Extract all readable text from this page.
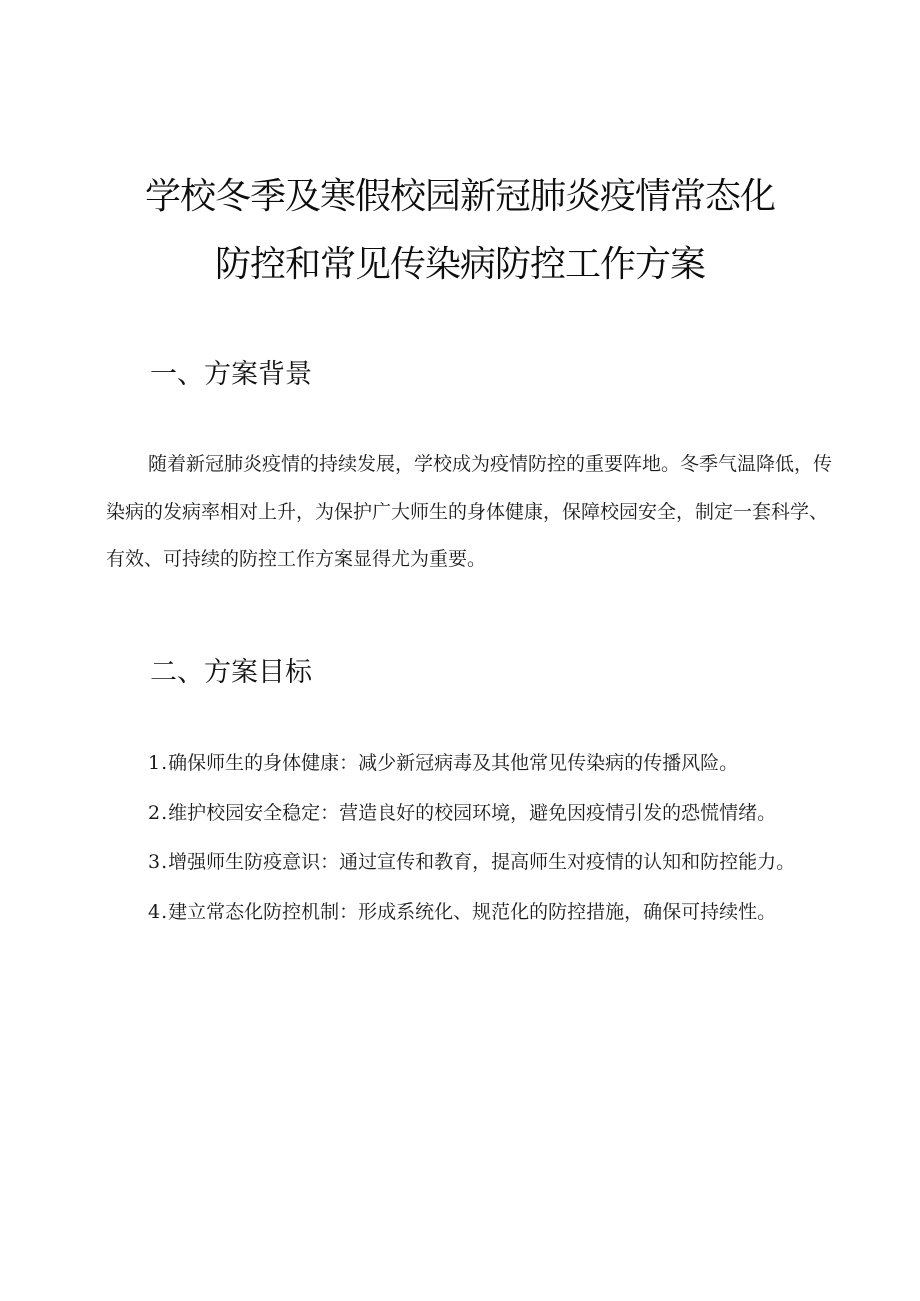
学校冬季及寒假校园新冠肺炎疫情常态化
防控和常见传染病防控工作方案
一、方案背景
随着新冠肺炎疫情的持续发展，学校成为疫情防控的重要阵地。冬季气温降低，传染病的发病率相对上升，为保护广大师生的身体健康，保障校园安全，制定一套科学、有效、可持续的防控工作方案显得尤为重要。
二、方案目标
1.确保师生的身体健康：减少新冠病毒及其他常见传染病的传播风险。
2.维护校园安全稳定：营造良好的校园环境，避免因疫情引发的恐慌情绪。
3.增强师生防疫意识：通过宣传和教育，提高师生对疫情的认知和防控能力。
4.建立常态化防控机制：形成系统化、规范化的防控措施，确保可持续性。
